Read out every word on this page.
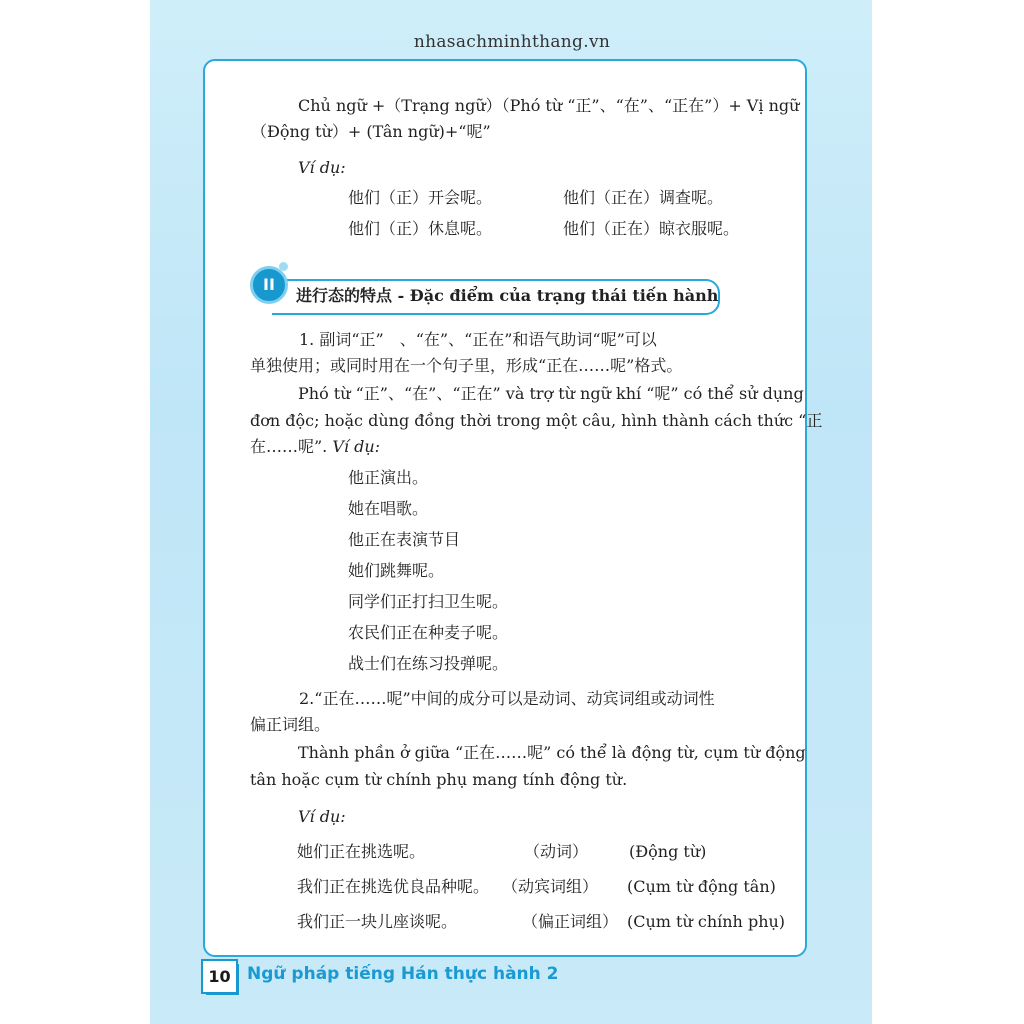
nhasachminhthang.vn
Chủ ngữ +（Trạng ngữ）（Phó từ “正”、“在”、“正在”）+ Vị ngữ
（Động từ）+ (Tân ngữ)+“呢”
Ví dụ:
他们（正）开会呢。	他们（正在）调查呢。
他们（正）休息呢。	他们（正在）晾衣服呢。
II
进行态的特点 - Đặc điểm của trạng thái tiến hành
1. 副词“正”　、“在”、“正在”和语气助词“呢”可以
单独使用；或同时用在一个句子里，形成“正在……呢”格式。
Phó từ “正”、“在”、“正在” và trợ từ ngữ khí “呢” có thể sử dụng
đơn độc; hoặc dùng đồng thời trong một câu, hình thành cách thức “正
在……呢”. Ví dụ:
他正演出。
她在唱歌。
他正在表演节目
她们跳舞呢。
同学们正打扫卫生呢。
农民们正在种麦子呢。
战士们在练习投弹呢。
2.“正在……呢”中间的成分可以是动词、动宾词组或动词性
偏正词组。
Thành phần ở giữa “正在……呢” có thể là động từ, cụm từ động
tân hoặc cụm từ chính phụ mang tính động từ.
Ví dụ:
她们正在挑选呢。	（动词）	(Động từ)
我们正在挑选优良品种呢。 （动宾词组） (Cụm từ động tân)
我们正一块儿座谈呢。	（偏正词组） (Cụm từ chính phụ)
10 Ngữ pháp tiếng Hán thực hành 2
